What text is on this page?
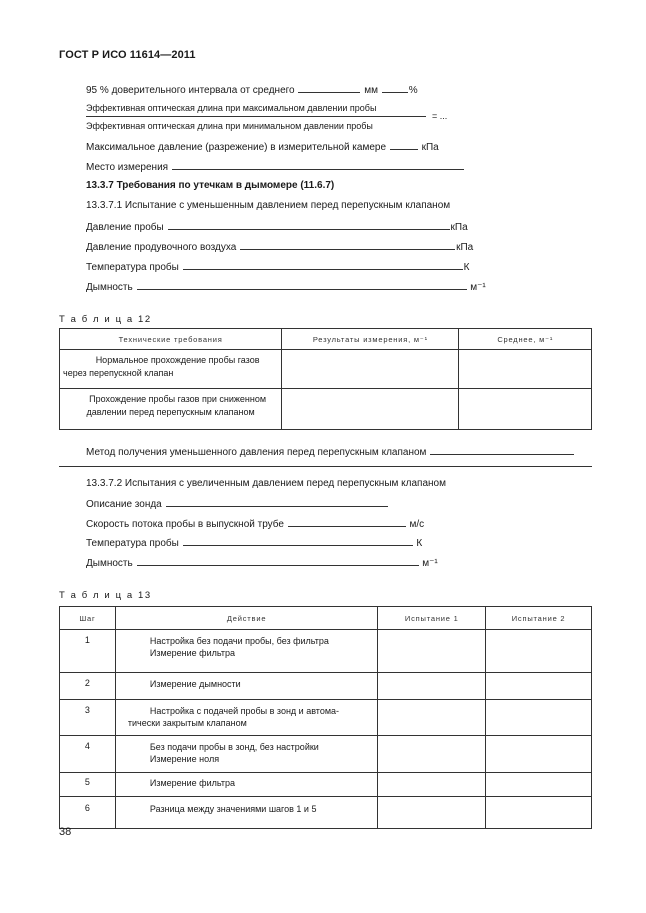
ГОСТ Р ИСО 11614—2011
95 % доверительного интервала от среднего	мм	%
Эффективная оптическая длина при максимальном давлении пробы
Эффективная оптическая длина при минимальном давлении пробы
= ...
Максимальное давление (разрежение) в измерительной камере	кПа
Место измерения
13.3.7 Требования по утечкам в дымомере (11.6.7)
13.3.7.1 Испытание с уменьшенным давлением перед перепускным клапаном
Давление пробы	кПа
Давление продувочного воздуха	кПа
Температура пробы	К
Дымность	м⁻¹
Т а б л и ц а 12
Технические требования	Результаты измерения, м⁻¹	Среднее, м⁻¹

Нормальное прохождение пробы газов
через перепускной клапан		

Прохождение пробы газов при сниженном
давлении перед перепускным клапаном		

Метод получения уменьшенного давления перед перепускным клапаном
13.3.7.2 Испытания с увеличенным давлением перед перепускным клапаном
Описание зонда
Скорость потока пробы в выпускной трубе	м/с
Температура пробы	К
Дымность	м⁻¹
Т а б л и ц а 13
Шаг	Действие	Испытание 1	Испытание 2
1	Настройка без подачи пробы, без фильтра
Измерение фильтра		

2	Измерение дымности		

3	Настройка с подачей пробы в зонд и автома-
тически закрытым клапаном		

4	Без подачи пробы в зонд, без настройки
Измерение ноля		

5	Измерение фильтра		

6	Разница между значениями шагов 1 и 5		

38
